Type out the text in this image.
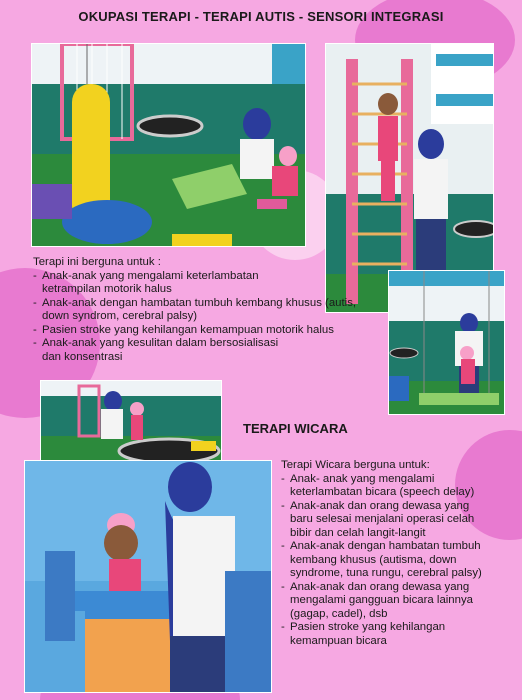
OKUPASI TERAPI - TERAPI AUTIS - SENSORI INTEGRASI

Terapi ini berguna untuk :

- Anak-anak yang mengalami keterlambatan ketrampilan motorik halus
- Anak-anak dengan hambatan tumbuh kembang khusus (autis, down syndrom, cerebral palsy)
- Pasien stroke yang kehilangan kemampuan motorik halus
- Anak-anak yang kesulitan dalam bersosialisasi dan konsentrasi
TERAPI WICARA

Terapi Wicara berguna untuk:

- Anak- anak yang mengalami keterlambatan bicara (speech delay)
- Anak-anak dan orang dewasa yang baru selesai menjalani operasi celah bibir dan celah langit-langit
- Anak-anak dengan hambatan tumbuh kembang khusus (autisma, down syndrome, tuna rungu, cerebral palsy)
- Anak-anak dan orang dewasa yang mengalami gangguan bicara lainnya (gagap, cadel), dsb
- Pasien stroke yang kehilangan kemampuan bicara
